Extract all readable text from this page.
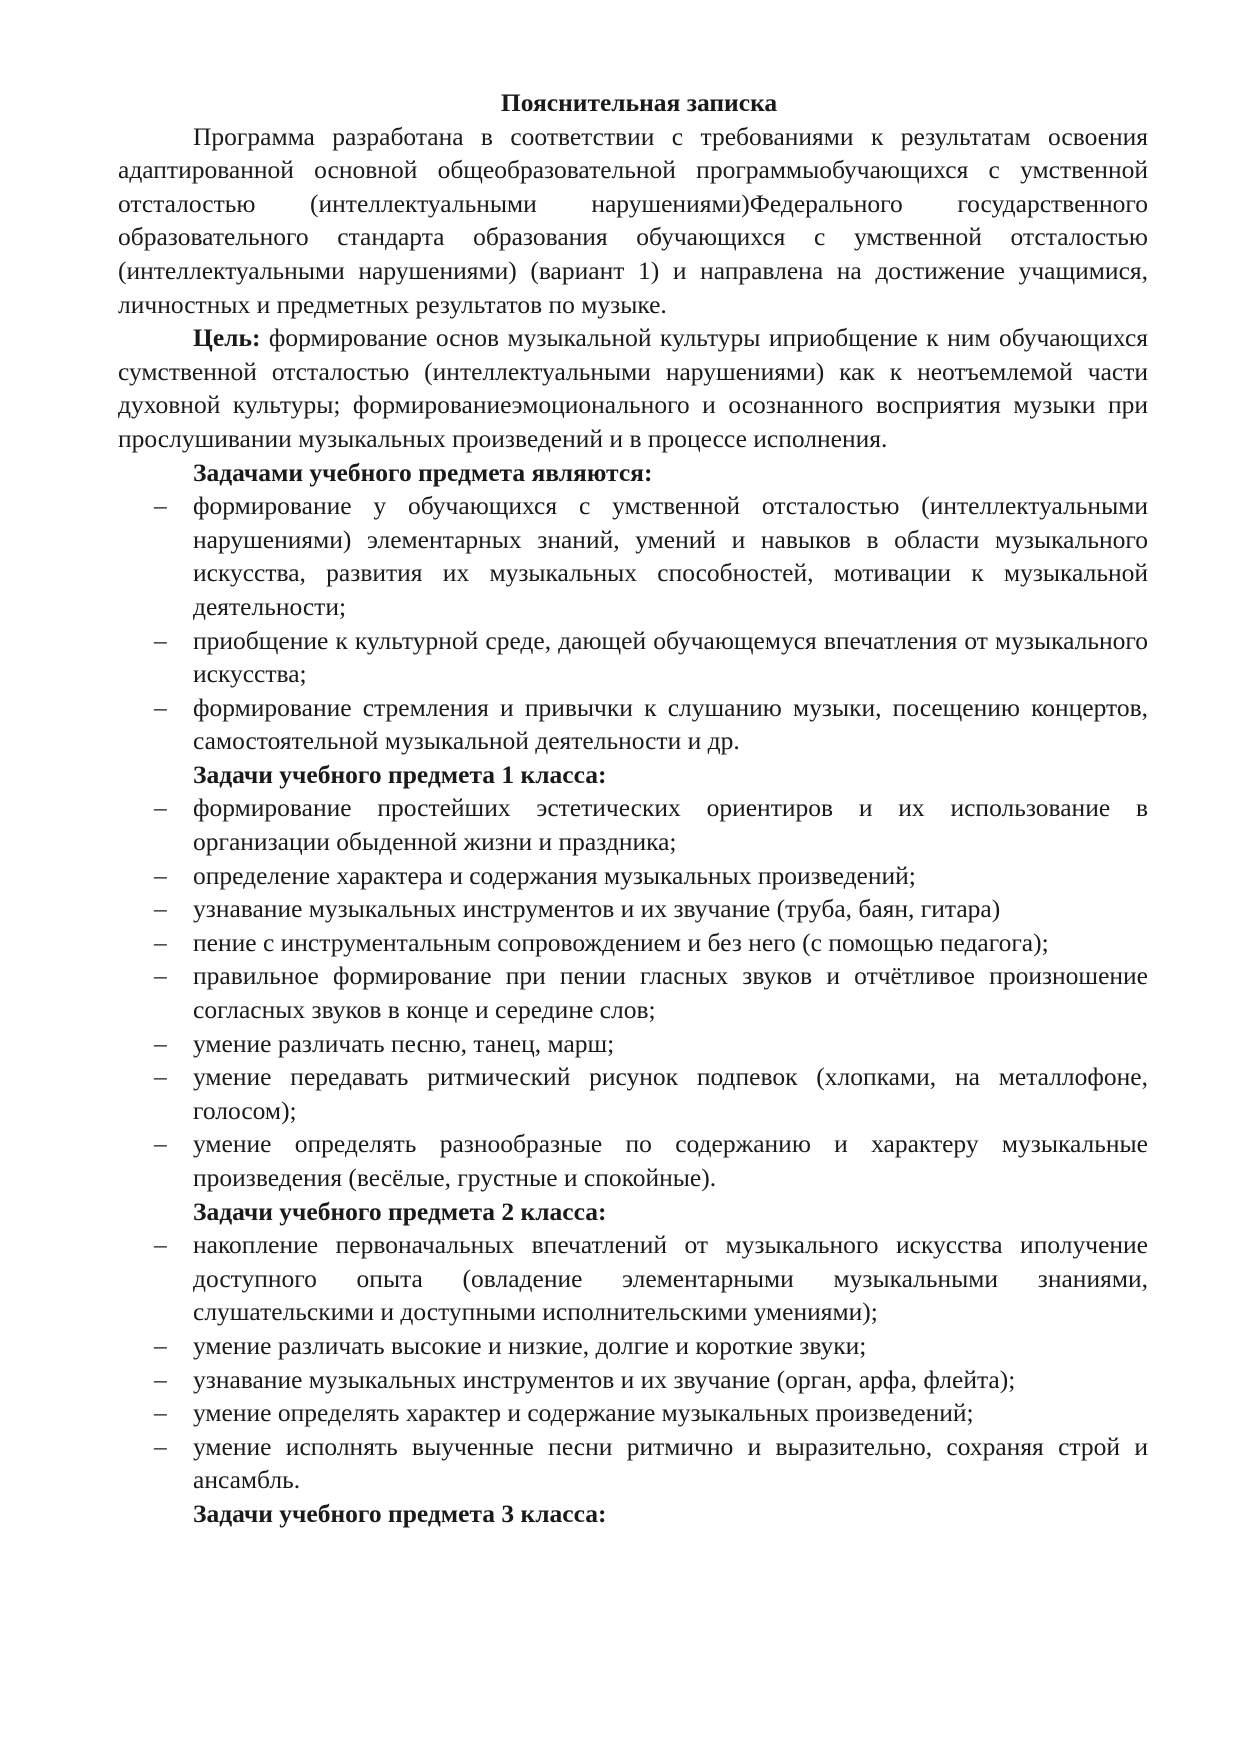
Пояснительная записка

Программа разработана в соответствии с требованиями к результатам освоения адаптированной основной общеобразовательной программыобучающихся с умственной отсталостью (интеллектуальными нарушениями)Федерального государственного образовательного стандарта образования обучающихся с умственной отсталостью (интеллектуальными нарушениями) (вариант 1) и направлена на достижение учащимися, личностных и предметных результатов по музыке.

Цель: формирование основ музыкальной культуры иприобщение к ним обучающихся сумственной отсталостью (интеллектуальными нарушениями) как к неотъемлемой части духовной культуры; формированиеэмоционального и осознанного восприятия музыки при прослушивании музыкальных произведений и в процессе исполнения.

Задачами учебного предмета являются:

– формирование у обучающихся с умственной отсталостью (интеллектуальными нарушениями) элементарных знаний, умений и навыков в области музыкального искусства, развития их музыкальных способностей, мотивации к музыкальной деятельности;
– приобщение к культурной среде, дающей обучающемуся впечатления от музыкального искусства;
– формирование стремления и привычки к слушанию музыки, посещению концертов, самостоятельной музыкальной деятельности и др.

Задачи учебного предмета 1 класса:

– формирование простейших эстетических ориентиров и их использование в организации обыденной жизни и праздника;
– определение характера и содержания музыкальных произведений;
– узнавание музыкальных инструментов и их звучание (труба, баян, гитара)
– пение с инструментальным сопровождением и без него (с помощью педагога);
– правильное формирование при пении гласных звуков и отчётливое произношение согласных звуков в конце и середине слов;
– умение различать песню, танец, марш;
– умение передавать ритмический рисунок подпевок (хлопками, на металлофоне, голосом);
– умение определять разнообразные по содержанию и характеру музыкальные произведения (весёлые, грустные и спокойные).

Задачи учебного предмета 2 класса:

– накопление первоначальных впечатлений от музыкального искусства иполучение доступного опыта (овладение элементарными музыкальными знаниями, слушательскими и доступными исполнительскими умениями);
– умение различать высокие и низкие, долгие и короткие звуки;
– узнавание музыкальных инструментов и их звучание (орган, арфа, флейта);
– умение определять характер и содержание музыкальных произведений;
– умение исполнять выученные песни ритмично и выразительно, сохраняя строй и ансамбль.

Задачи учебного предмета 3 класса:
